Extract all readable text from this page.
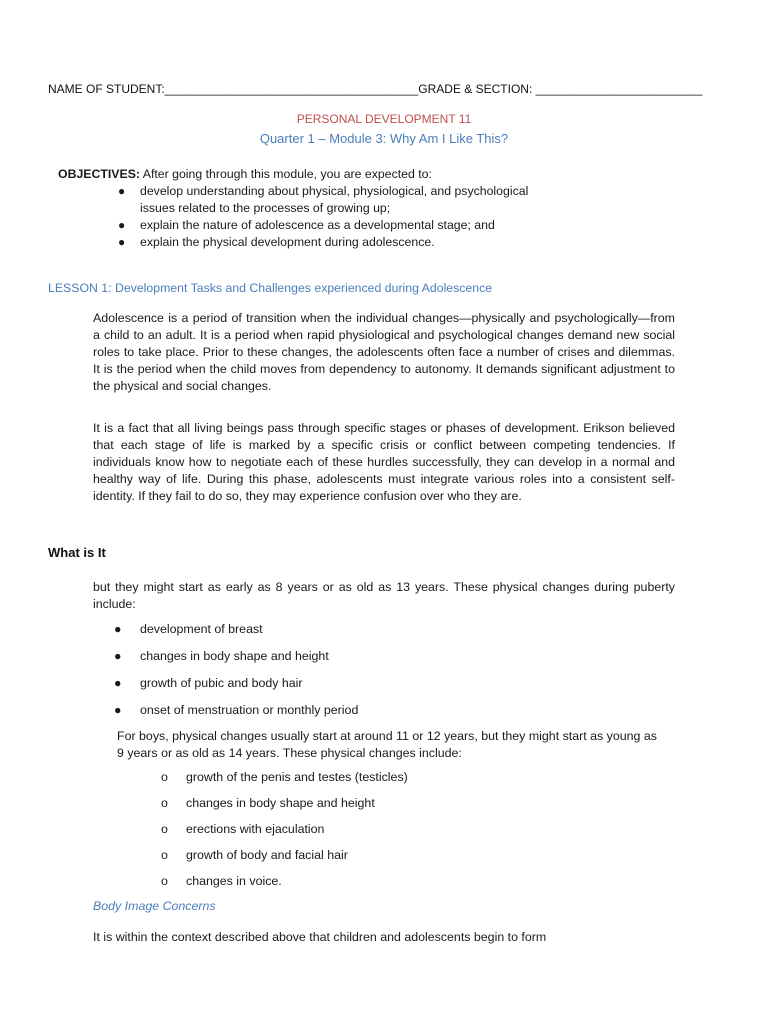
NAME OF STUDENT:______________________________________GRADE & SECTION: _________________________
PERSONAL DEVELOPMENT 11
Quarter 1 – Module 3: Why Am I Like This?
OBJECTIVES: After going through this module, you are expected to:
● develop understanding about physical, physiological, and psychological
issues related to the processes of growing up;
● explain the nature of adolescence as a developmental stage; and
● explain the physical development during adolescence.
LESSON 1: Development Tasks and Challenges experienced during Adolescence
Adolescence is a period of transition when the individual changes—physically and psychologically—from a child to an adult. It is a period when rapid physiological and psychological changes demand new social roles to take place. Prior to these changes, the adolescents often face a number of crises and dilemmas. It is the period when the child moves from dependency to autonomy. It demands significant adjustment to the physical and social changes.
It is a fact that all living beings pass through specific stages or phases of development. Erikson believed that each stage of life is marked by a specific crisis or conflict between competing tendencies. If individuals know how to negotiate each of these hurdles successfully, they can develop in a normal and healthy way of life. During this phase, adolescents must integrate various roles into a consistent self- identity. If they fail to do so, they may experience confusion over who they are.
What is It
but they might start as early as 8 years or as old as 13 years. These physical changes during puberty include:
● development of breast
● changes in body shape and height
● growth of pubic and body hair
● onset of menstruation or monthly period
For boys, physical changes usually start at around 11 or 12 years, but they might start as young as 9 years or as old as 14 years. These physical changes include:
o growth of the penis and testes (testicles)
o changes in body shape and height
o erections with ejaculation
o growth of body and facial hair
o changes in voice.
Body Image Concerns
It is within the context described above that children and adolescents begin to form
